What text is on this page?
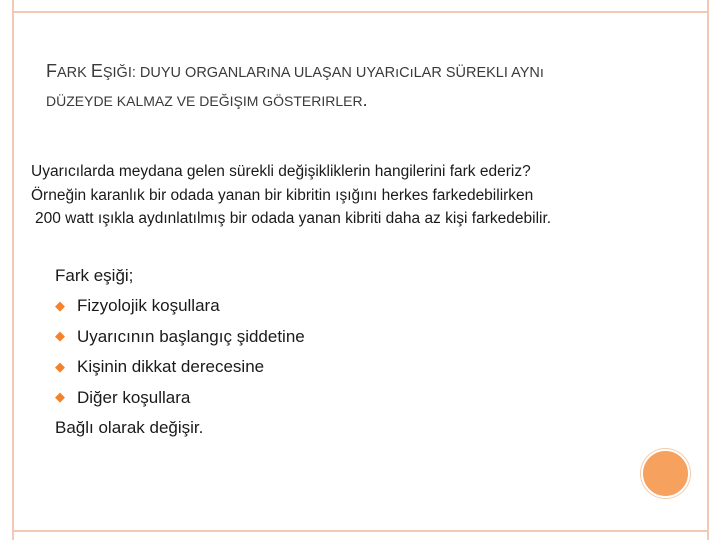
FARK EŞIĞI: DUYU ORGANLARıNA ULAŞAN UYARıCıLAR SÜREKLI AYNı
DÜZEYDE KALMAZ VE DEĞIŞIM GÖSTERIRLER.
Uyarıcılarda meydana gelen sürekli değişikliklerin hangilerini fark ederiz?
Örneğin karanlık bir odada yanan bir kibritin ışığını herkes farkedebilirken
200 watt ışıkla aydınlatılmış bir odada yanan kibriti daha az kişi farkedebilir.
Fark eşiği;
◆ Fizyolojik koşullara
◆ Uyarıcının başlangıç şiddetine
◆ Kişinin dikkat derecesine
◆ Diğer koşullara
Bağlı olarak değişir.
